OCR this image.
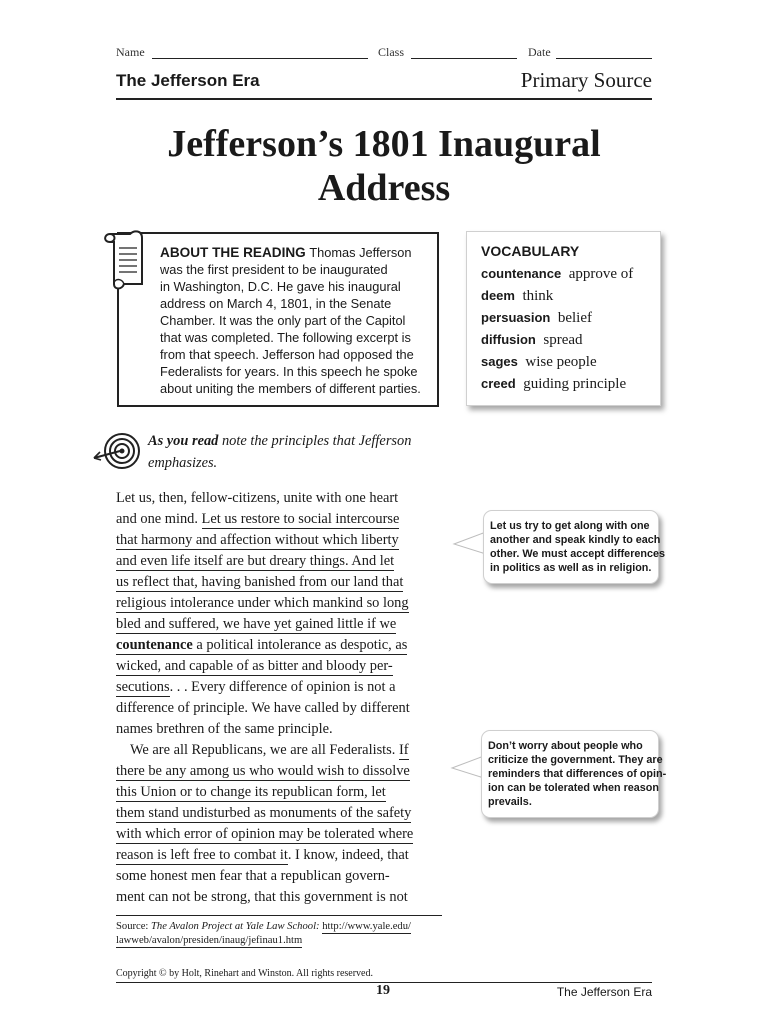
Name	Class	Date
The Jefferson Era	Primary Source
Jefferson’s 1801 Inaugural
Address
ABOUT THE READING Thomas Jefferson
was the first president to be inaugurated
in Washington, D.C. He gave his inaugural
address on March 4, 1801, in the Senate
Chamber. It was the only part of the Capitol
that was completed. The following excerpt is
from that speech. Jefferson had opposed the
Federalists for years. In this speech he spoke
about uniting the members of different parties.
VOCABULARY
countenance approve of
deem think
persuasion belief
diffusion spread
sages wise people
creed guiding principle
As you read note the principles that Jefferson
emphasizes.
Let us, then, fellow-citizens, unite with one heart
and one mind. Let us restore to social intercourse
that harmony and affection without which liberty
and even life itself are but dreary things. And let
us reflect that, having banished from our land that
religious intolerance under which mankind so long
bled and suffered, we have yet gained little if we
countenance a political intolerance as despotic, as
wicked, and capable of as bitter and bloody per-
secutions. . . Every difference of opinion is not a
difference of principle. We have called by different
names brethren of the same principle.
We are all Republicans, we are all Federalists. If
there be any among us who would wish to dissolve
this Union or to change its republican form, let
them stand undisturbed as monuments of the safety
with which error of opinion may be tolerated where
reason is left free to combat it. I know, indeed, that
some honest men fear that a republican govern-
ment can not be strong, that this government is not
Let us try to get along with one
another and speak kindly to each
other. We must accept differences
in politics as well as in religion.
Don’t worry about people who
criticize the government. They are
reminders that differences of opin-
ion can be tolerated when reason
prevails.
Source: The Avalon Project at Yale Law School: http://www.yale.edu/
lawweb/avalon/presiden/inaug/jefinau1.htm
Copyright © by Holt, Rinehart and Winston. All rights reserved.
19	The Jefferson Era
